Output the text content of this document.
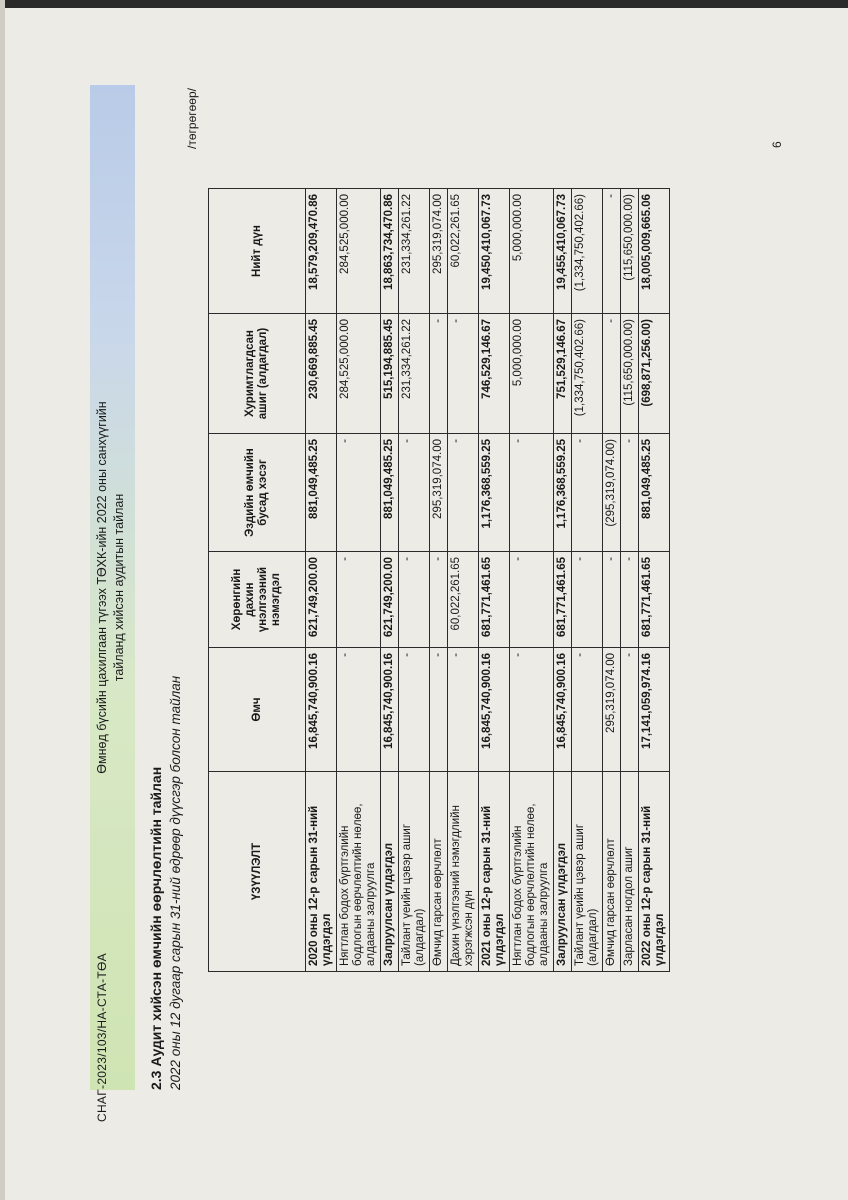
Өмнөд бүсийн цахилгаан түгээх ТӨХК-ийн 2022 оны санхүүгийн тайланд хийсэн аудитын тайлан
2.3 Аудит хийсэн өмчийн өөрчлөлтийн тайлан 2022 оны 12 дугаар сарын 31-ний өдрөөр дүүсгэр болсон тайлан
/төгрөгөөр/
ҮЗҮҮЛЭЛТ	Өмч	Хөрөнгийн дахин үнэлгээний нэмэгдэл	Эздийн өмчийн бусад хэсэг	Хуримтлагдсан ашиг (алдагдал)	Нийт дүн
2020 оны 12-р сарын 31-ний үлдэгдэл	16,845,740,900.16	621,749,200.00	881,049,485.25	230,669,885.45	18,579,209,470.86
Нягтлан бодох бүртгэлийн бодлогын өөрчлөлтийн нөлөө, алдааны залруулга	-	-	-	284,525,000.00	284,525,000.00
Залруулсан үлдэгдэл	16,845,740,900.16	621,749,200.00	881,049,485.25	515,194,885.45	18,863,734,470.86
Тайлант үеийн цэвэр ашиг (алдагдал)	-	-	-	231,334,261.22	231,334,261.22
Өмчид гарсан өөрчлөлт	-	-	295,319,074.00	-	295,319,074.00
Дахин үнэлгээний нэмэгдлийн хэрэгжсэн дүн	-	60,022,261.65	-	-	60,022,261.65
2021 оны 12-р сарын 31-ний үлдэгдэл	16,845,740,900.16	681,771,461.65	1,176,368,559.25	746,529,146.67	19,450,410,067.73
Нягтлан бодох бүртгэлийн бодлогын өөрчлөлтийн нөлөө, алдааны залруулга	-	-	-	5,000,000.00	5,000,000.00
Залруулсан үлдэгдэл	16,845,740,900.16	681,771,461.65	1,176,368,559.25	751,529,146.67	19,455,410,067.73
Тайлант үеийн цэвэр ашиг (алдагдал)	-	-	-	(1,334,750,402.66)	(1,334,750,402.66)
Өмчид гарсан өөрчлөлт	295,319,074.00	-	(295,319,074.00)	-	-
Зарласан ногдол ашиг	-	-	-	(115,650,000.00)	(115,650,000.00)
2022 оны 12-р сарын 31-ний үлдэгдэл	17,141,059,974.16	681,771,461.65	881,049,485.25	(698,871,256.00)	18,005,009,665.06
СНАГ-2023/103/НА-СТА-ТӨА
6
